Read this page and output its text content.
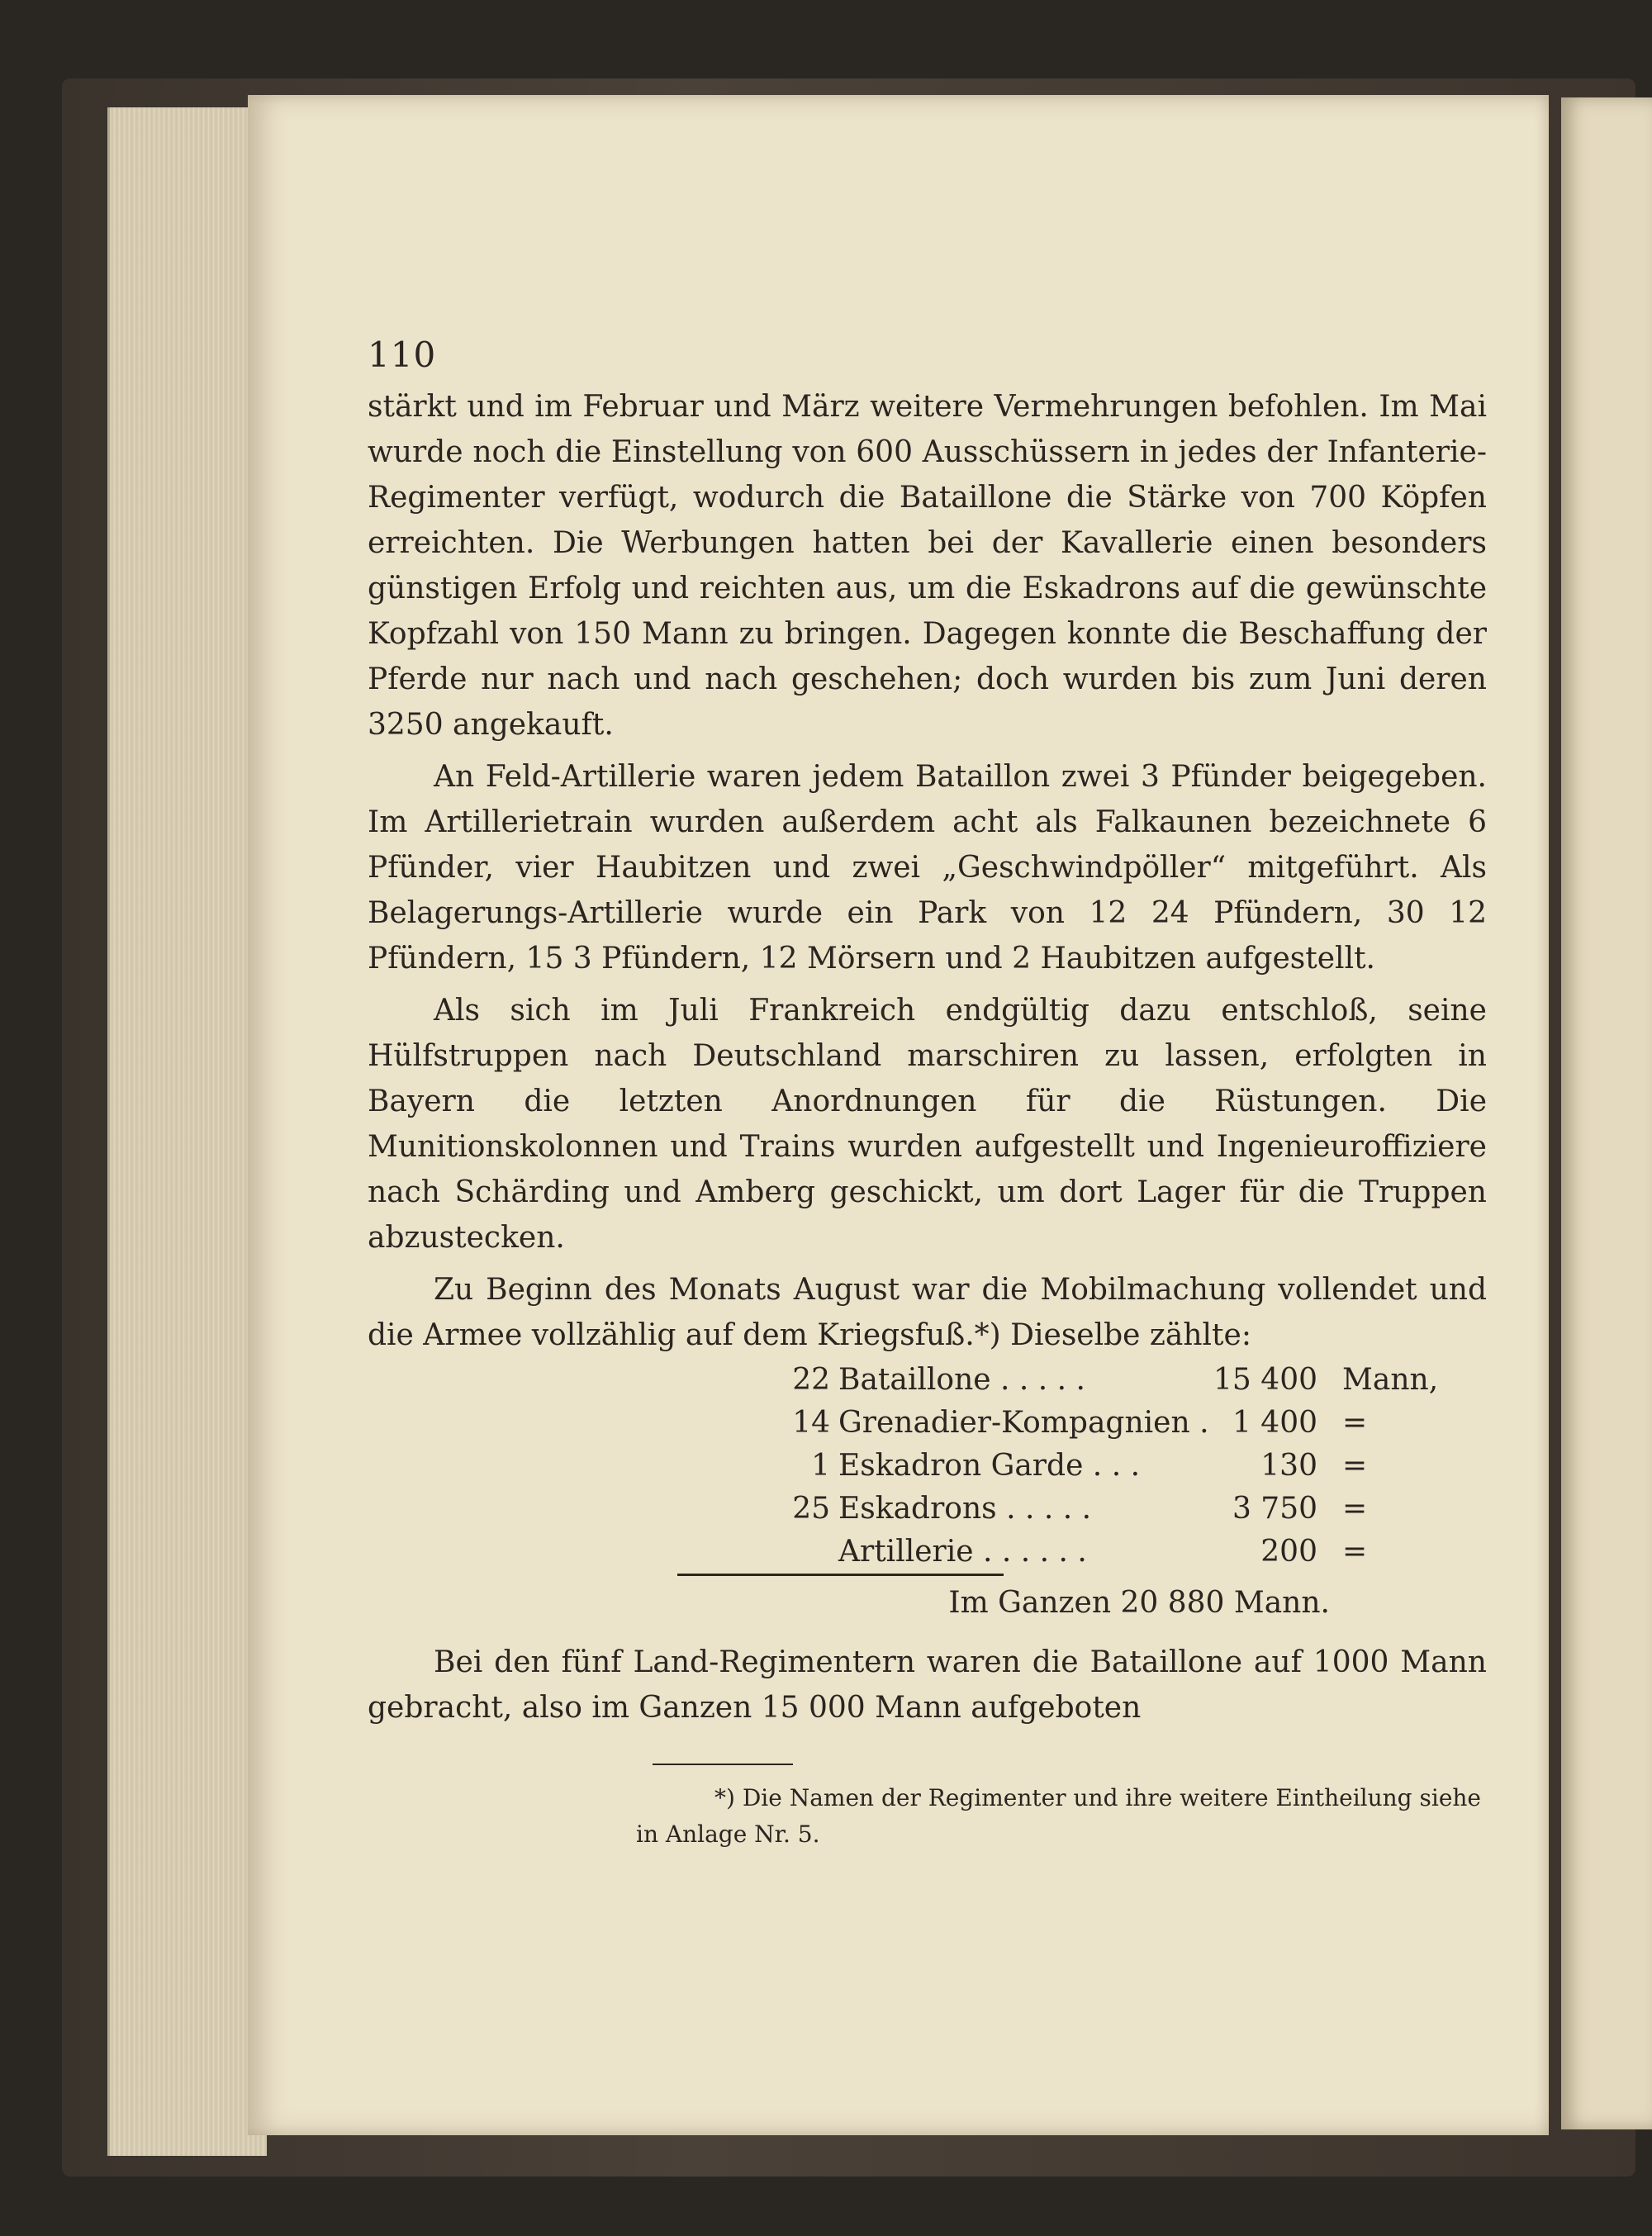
110

stärkt und im Februar und März weitere Vermehrungen befohlen. Im Mai wurde noch die Einstellung von 600 Ausschüssern in jedes der Infanterie-Regimenter verfügt, wodurch die Bataillone die Stärke von 700 Köpfen erreichten. Die Werbungen hatten bei der Kavallerie einen besonders günstigen Erfolg und reichten aus, um die Eskadrons auf die gewünschte Kopfzahl von 150 Mann zu bringen. Dagegen konnte die Beschaffung der Pferde nur nach und nach geschehen; doch wurden bis zum Juni deren 3250 angekauft.

An Feld-Artillerie waren jedem Bataillon zwei 3 Pfünder beigegeben. Im Artillerietrain wurden außerdem acht als Falkaunen bezeichnete 6 Pfünder, vier Haubitzen und zwei „Geschwindpöller“ mitgeführt. Als Belagerungs-Artillerie wurde ein Park von 12 24 Pfündern, 30 12 Pfündern, 15 3 Pfündern, 12 Mörsern und 2 Haubitzen aufgestellt.

Als sich im Juli Frankreich endgültig dazu entschloß, seine Hülfstruppen nach Deutschland marschiren zu lassen, erfolgten in Bayern die letzten Anordnungen für die Rüstungen. Die Munitionskolonnen und Trains wurden aufgestellt und Ingenieuroffiziere nach Schärding und Amberg geschickt, um dort Lager für die Truppen abzustecken.

Zu Beginn des Monats August war die Mobilmachung vollendet und die Armee vollzählig auf dem Kriegsfuß.*) Dieselbe zählte:

22 Bataillone . . . . .	15 400 Mann,
14 Grenadier-Kompagnien . 1 400 =
1 Eskadron Garde . . .	130 =
25 Eskadrons . . . . .	3 750 =
Artillerie . . . . . .	200 =
Im Ganzen 20 880 Mann.

Bei den fünf Land-Regimentern waren die Bataillone auf 1000 Mann gebracht, also im Ganzen 15 000 Mann aufgeboten

*) Die Namen der Regimenter und ihre weitere Eintheilung siehe in Anlage Nr. 5.
